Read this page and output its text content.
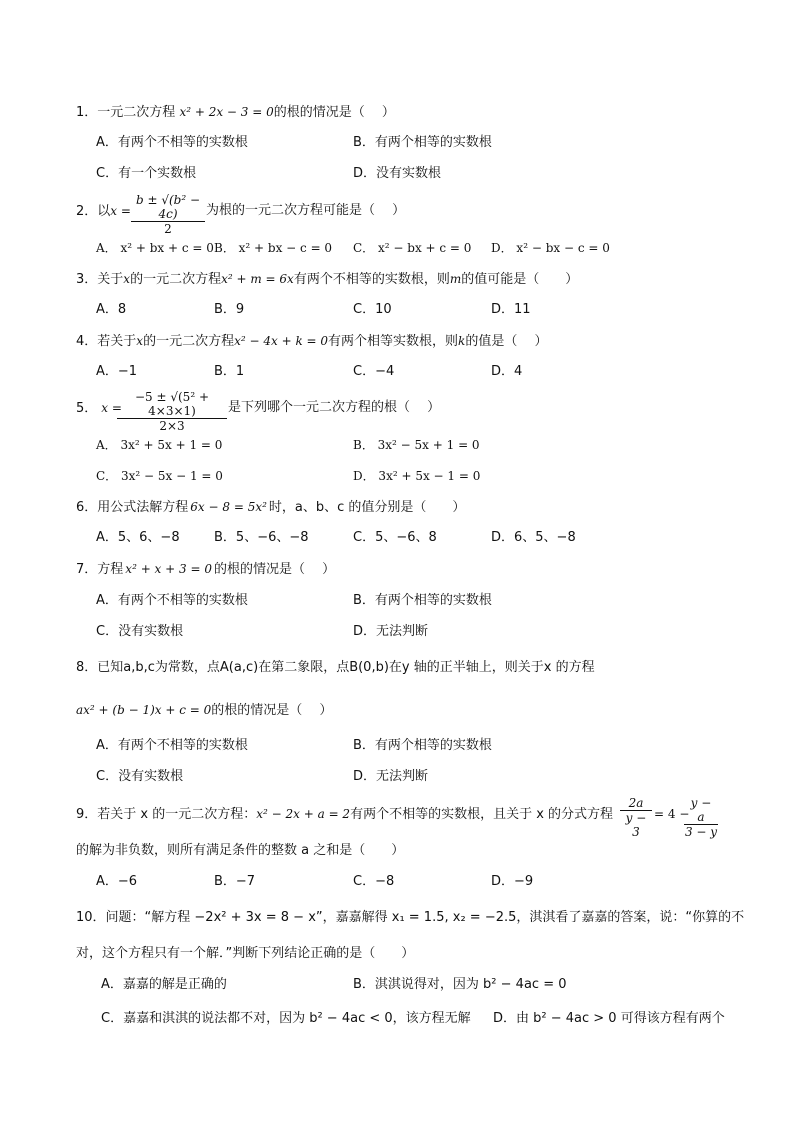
1．一元二次方程 x² + 2x − 3 = 0的根的情况是（　 ）
A．有两个不相等的实数根	B．有两个相等的实数根
C．有一个实数根	D．没有实数根
2．以$x = \frac{\text{b ± √(b² − 4c)}}{2}$ 为根的一元二次方程可能是（　 ）
A． x² + bx + c = 0 B． x² + bx − c = 0 C． x² − bx + c = 0 D． x² − bx − c = 0
3．关于x的一元二次方程x² + m = 6x有两个不相等的实数根，则m的值可能是（　　）
A．8	B．9	C．10	D．11
4．若关于x的一元二次方程x² − 4x + k = 0有两个相等实数根，则k的值是（　 ）
A．−1	B．1	C．−4	D．4
5． x =
$\frac{\text{−5 ± √(5² + 4×3×1)}}{2\times 3}$ 是下列哪个一元二次方程的根（　 ）
A． 3x² + 5x + 1 = 0	B． 3x² − 5x + 1 = 0
C． 3x² − 5x − 1 = 0	D． 3x² + 5x − 1 = 0
6．用公式法解方程 6x − 8 = 5x² 时，a、b、c 的值分别是（　　）
A．5、6、−8	B．5、−6、−8	C．5、−6、8	D．6、5、−8
7．方程 x² + x + 3 = 0 的根的情况是（　 ）
A．有两个不相等的实数根	B．有两个相等的实数根
C．没有实数根	D．无法判断
8．已知a,b,c为常数，点A(a,c)在第二象限，点B(0,b)在y 轴的正半轴上，则关于x 的方程
ax² + (b − 1)x + c = 0的根的情况是（　 ）
A．有两个不相等的实数根	B．有两个相等的实数根
C．没有实数根	D．无法判断
9．若关于 x 的一元二次方程：x² − 2x + a = 2有两个不相等的实数根，且关于 x 的分式方程 $\frac{2a}{y - 3} = 4$ −
$\frac{y - a}{3 - y}$
的解为非负数，则所有满足条件的整数 a 之和是（　　）
A．−6	B．−7	C．−8	D．−9
10．问题：“解方程 −2x² + 3x = 8 − x”，嘉嘉解得 x₁ = 1.5, x₂ = −2.5，淇淇看了嘉嘉的答案，说：“你算的不
对，这个方程只有一个解．”判断下列结论正确的是（　　）
A．嘉嘉的解是正确的	B．淇淇说得对，因为 b² − 4ac = 0
C．嘉嘉和淇淇的说法都不对，因为 b² − 4ac < 0，该方程无解 D．由 b² − 4ac > 0 可得该方程有两个
